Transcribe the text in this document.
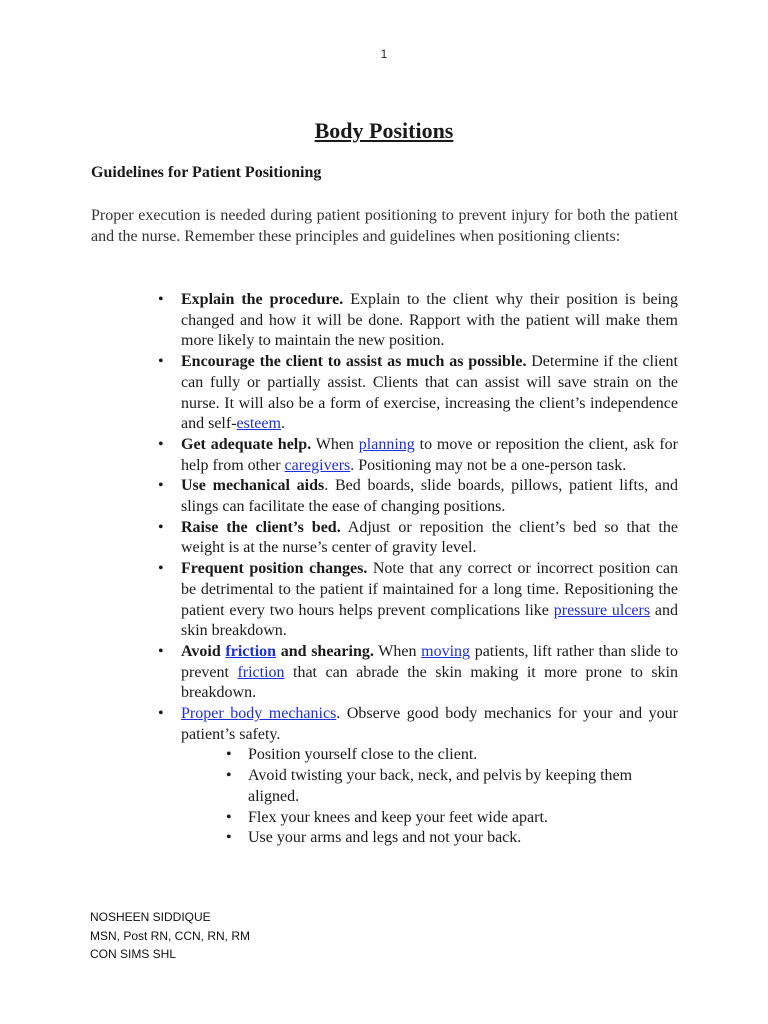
1
Body Positions
Guidelines for Patient Positioning

Proper execution is needed during patient positioning to prevent injury for both the patient and the nurse. Remember these principles and guidelines when positioning clients:

• Explain the procedure. Explain to the client why their position is being changed and how it will be done. Rapport with the patient will make them more likely to maintain the new position.
• Encourage the client to assist as much as possible. Determine if the client can fully or partially assist. Clients that can assist will save strain on the nurse. It will also be a form of exercise, increasing the client’s independence and self-esteem.
• Get adequate help. When planning to move or reposition the client, ask for help from other caregivers. Positioning may not be a one-person task.
• Use mechanical aids. Bed boards, slide boards, pillows, patient lifts, and slings can facilitate the ease of changing positions.
• Raise the client’s bed. Adjust or reposition the client’s bed so that the weight is at the nurse’s center of gravity level.
• Frequent position changes. Note that any correct or incorrect position can be detrimental to the patient if maintained for a long time. Repositioning the patient every two hours helps prevent complications like pressure ulcers and skin breakdown.
• Avoid friction and shearing. When moving patients, lift rather than slide to prevent friction that can abrade the skin making it more prone to skin breakdown.
• Proper body mechanics. Observe good body mechanics for your and your patient’s safety.
• Position yourself close to the client.
• Avoid twisting your back, neck, and pelvis by keeping them aligned.
• Flex your knees and keep your feet wide apart.
• Use your arms and legs and not your back.
NOSHEEN SIDDIQUE
MSN, Post RN, CCN, RN, RM
CON SIMS SHL
